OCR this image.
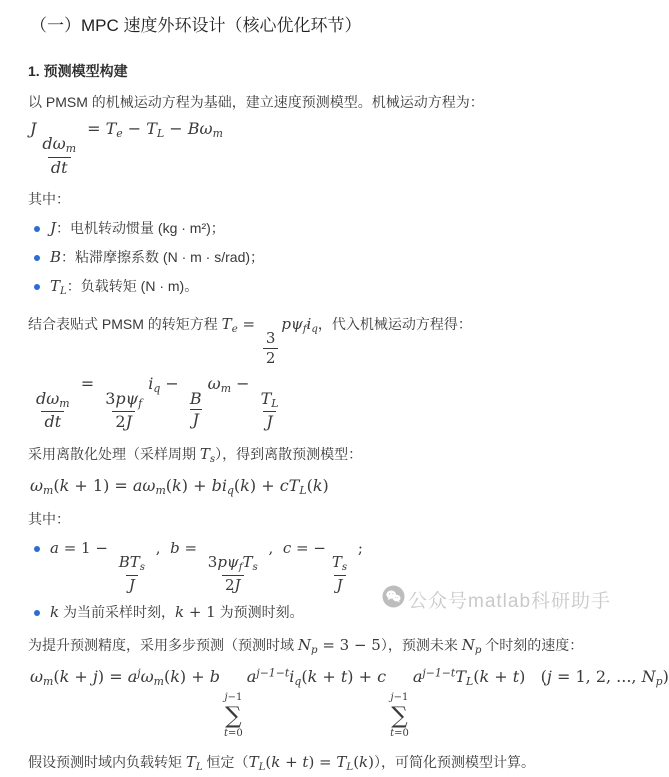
公众号matlab科研助手
（一）MPC 速度外环设计（核心优化环节）
1. 预测模型构建
以 PMSM 的机械运动方程为基础，建立速度预测模型。机械运动方程为：
J
dωm
dt
= Te − TL − Bωm
其中：
J：电机转动惯量 (kg · m²)；
B：粘滞摩擦系数 (N · m · s/rad)；
TL：负载转矩 (N · m)。
结合表贴式 PMSM 的转矩方程 Te =
$\frac{3}{2}$
pψfiq，代入机械运动方程得：
dωm
dt
=
3pψf
2J
iq −
$\frac{B}{J}$
ωm −
$\frac{TL}{J}$
采用离散化处理（采样周期 Ts），得到离散预测模型：
ωm(k + 1) = aωm(k) + biq(k) + cTL(k)
其中：
a = 1 −
BTs
J
,  b =
3pψfTs
2J
,  c = −
$\frac{Ts}{J}$
;
k 为当前采样时刻，k + 1 为预测时刻。
为提升预测精度，采用多步预测（预测时域 Np = 3 − 5），预测未来 Np 个时刻的速度：
$\omega m(k + j) = a^j\omega m(k) + b$
j−1
∑
t=0
$a^{j-1-t}iq(k + t) + c$
j−1
∑
t=0
$a^{j-1-t}TL(k + t) (j = 1$, 2, ..., Np)
假设预测时域内负载转矩 TL 恒定（TL(k + t) = TL(k)），可简化预测模型计算。
